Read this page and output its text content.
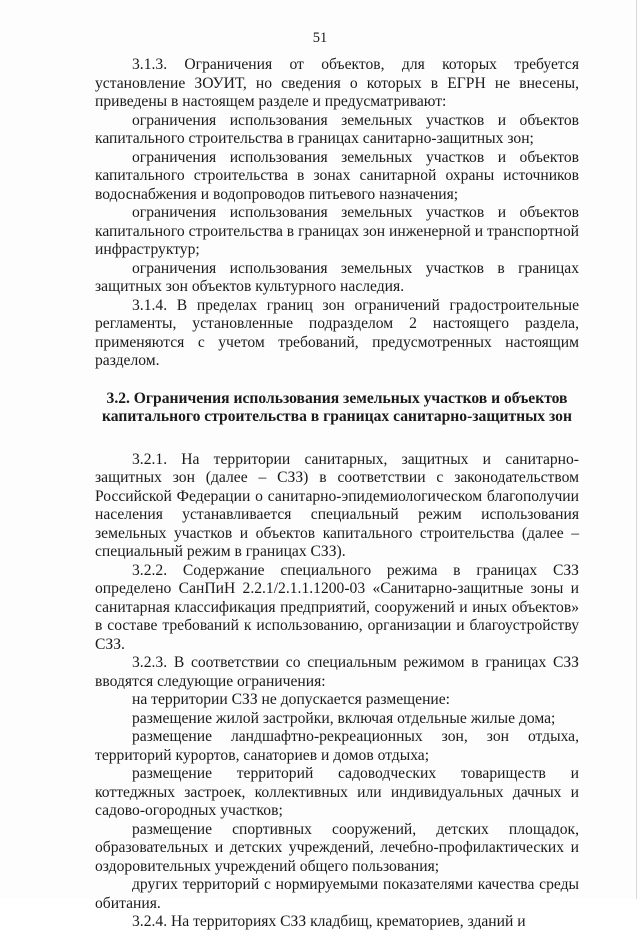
51

3.1.3. Ограничения от объектов, для которых требуется установление ЗОУИТ, но сведения о которых в ЕГРН не внесены, приведены в настоящем разделе и предусматривают:

ограничения использования земельных участков и объектов капитального строительства в границах санитарно-защитных зон;

ограничения использования земельных участков и объектов капитального строительства в зонах санитарной охраны источников водоснабжения и водопроводов питьевого назначения;

ограничения использования земельных участков и объектов капитального строительства в границах зон инженерной и транспортной инфраструктур;

ограничения использования земельных участков в границах защитных зон объектов культурного наследия.

3.1.4. В пределах границ зон ограничений градостроительные регламенты, установленные подразделом 2 настоящего раздела, применяются с учетом требований, предусмотренных настоящим разделом.

3.2. Ограничения использования земельных участков и объектов капитального строительства в границах санитарно-защитных зон

3.2.1. На территории санитарных, защитных и санитарно-защитных зон (далее – СЗЗ) в соответствии с законодательством Российской Федерации о санитарно-эпидемиологическом благополучии населения устанавливается специальный режим использования земельных участков и объектов капитального строительства (далее – специальный режим в границах СЗЗ).

3.2.2. Содержание специального режима в границах СЗЗ определено СанПиН 2.2.1/2.1.1.1200-03 «Санитарно-защитные зоны и санитарная классификация предприятий, сооружений и иных объектов» в составе требований к использованию, организации и благоустройству СЗЗ.

3.2.3. В соответствии со специальным режимом в границах СЗЗ вводятся следующие ограничения:

на территории СЗЗ не допускается размещение:

размещение жилой застройки, включая отдельные жилые дома;

размещение ландшафтно-рекреационных зон, зон отдыха, территорий курортов, санаториев и домов отдыха;

размещение территорий садоводческих товариществ и коттеджных застроек, коллективных или индивидуальных дачных и садово-огородных участков;

размещение спортивных сооружений, детских площадок, образовательных и детских учреждений, лечебно-профилактических и оздоровительных учреждений общего пользования;

других территорий с нормируемыми показателями качества среды обитания.

3.2.4. На территориях СЗЗ кладбищ, крематориев, зданий и
